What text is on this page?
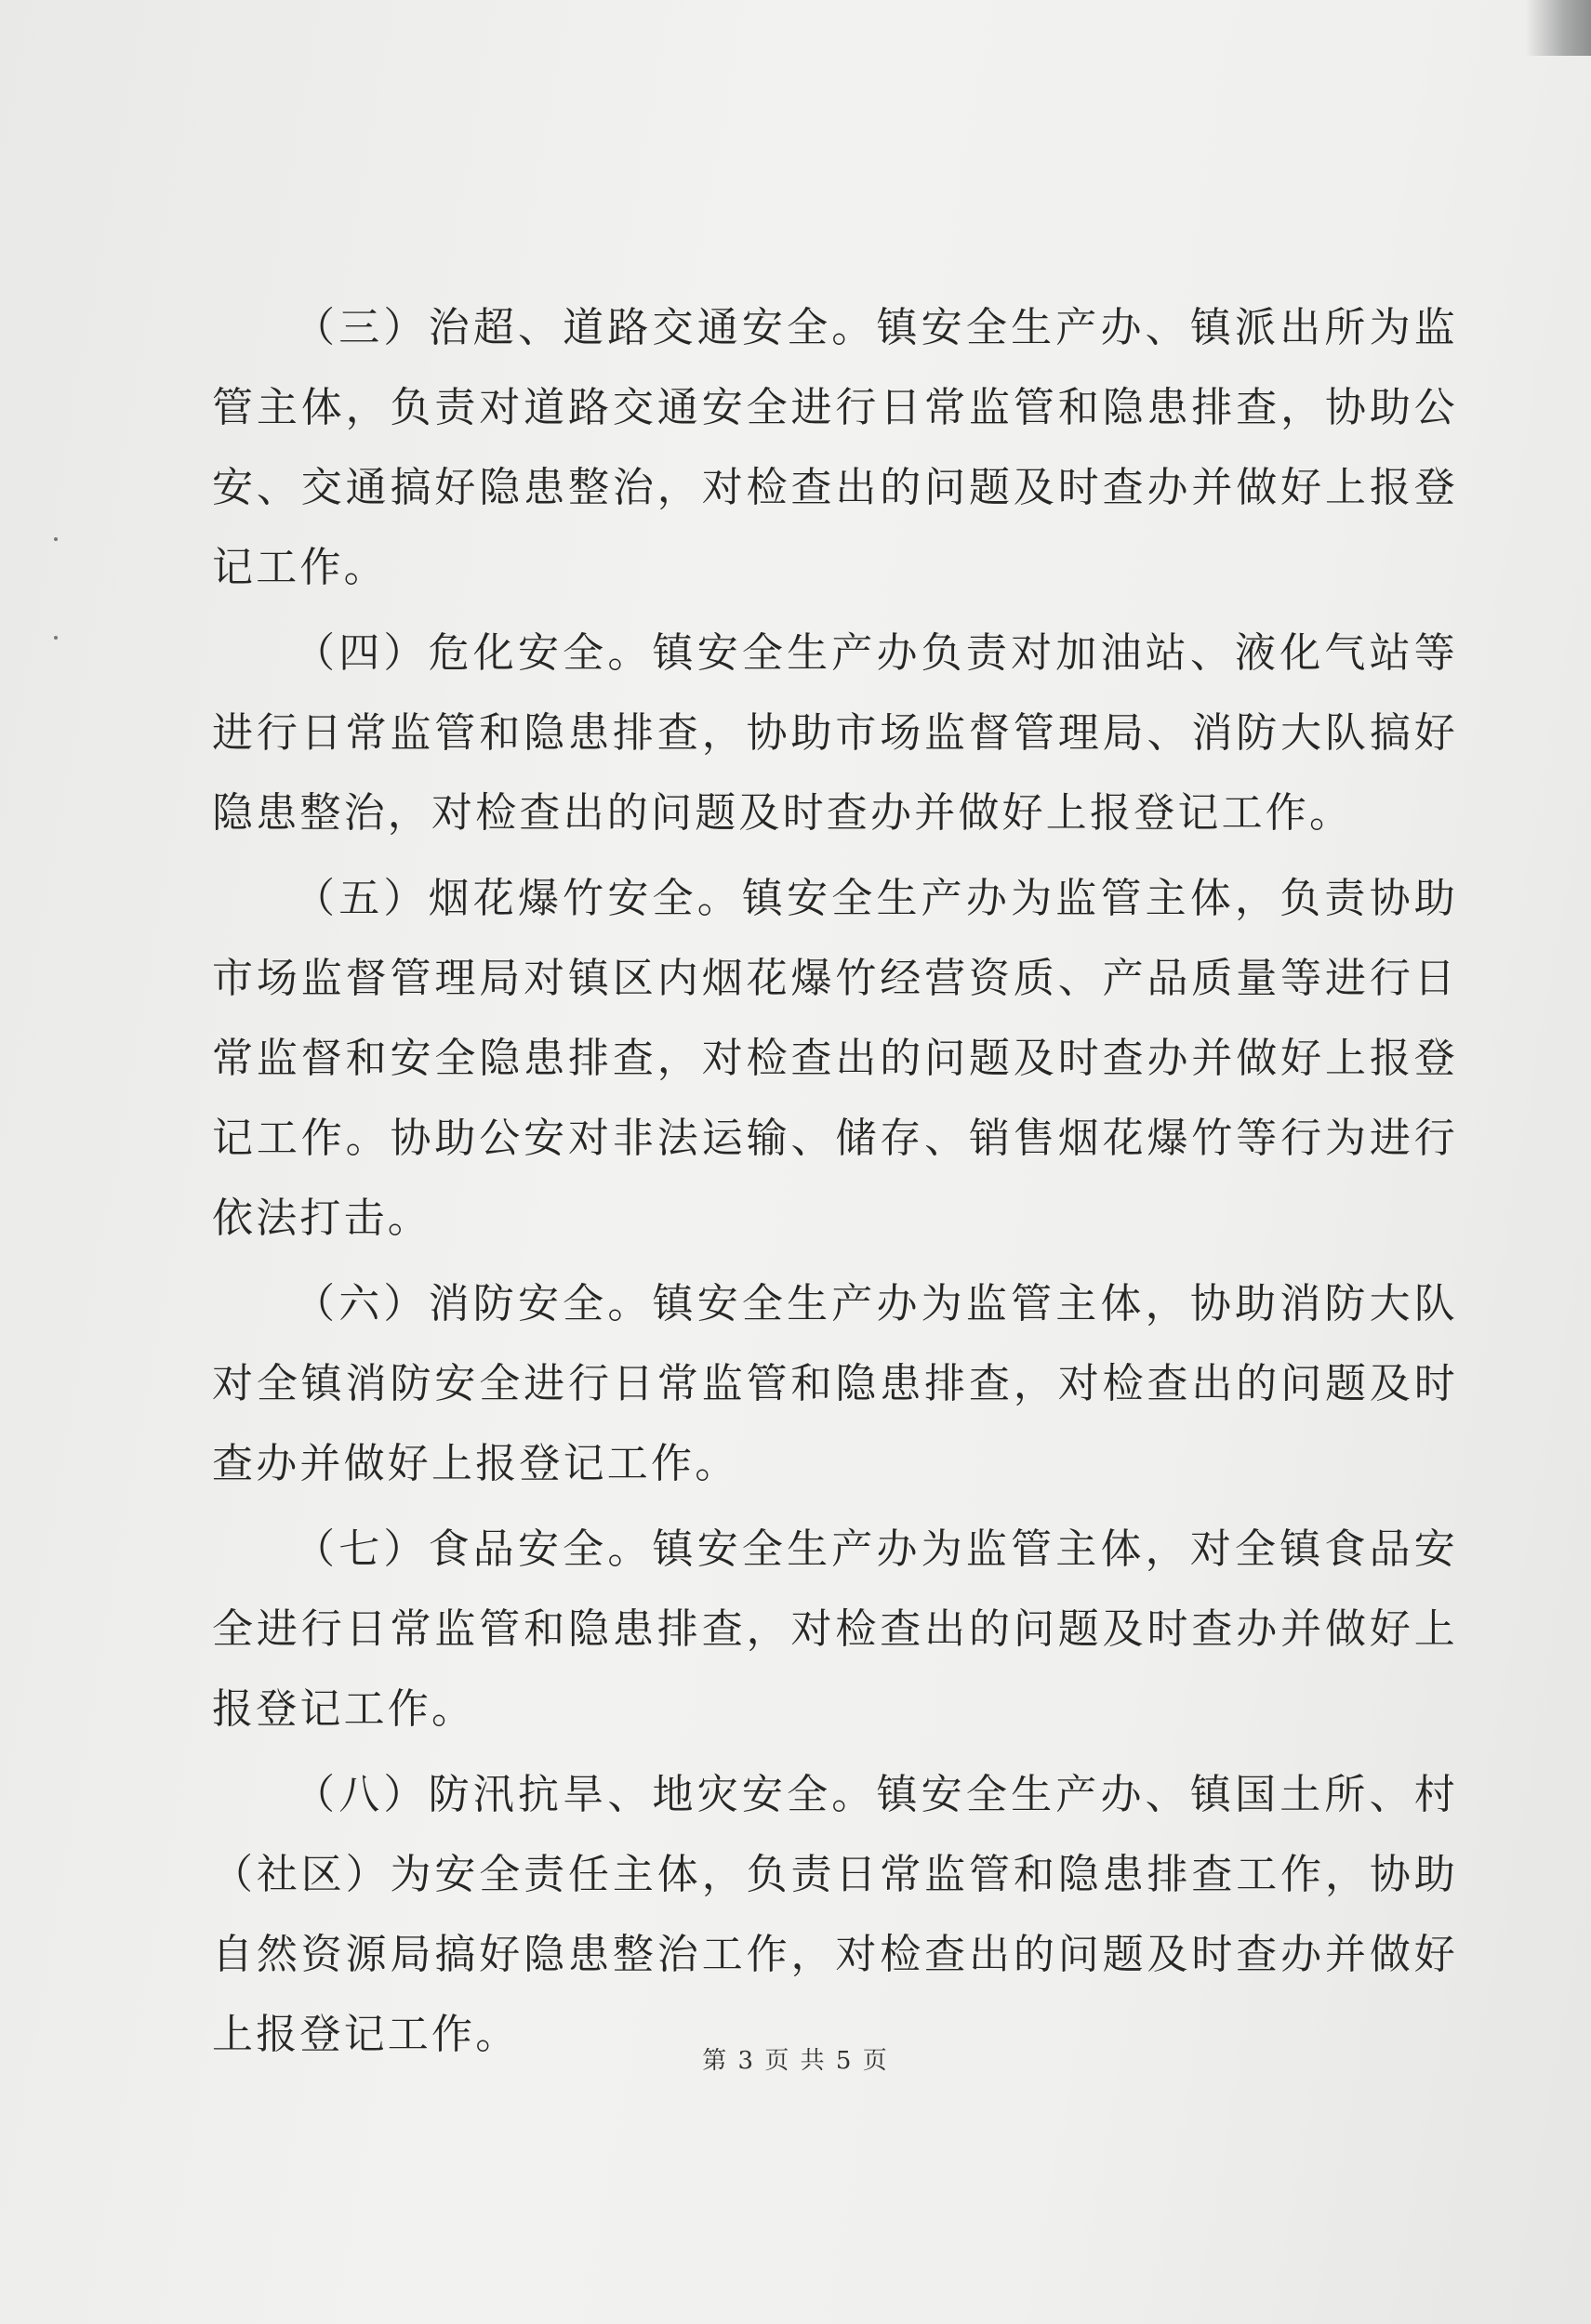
（三）治超、道路交通安全。镇安全生产办、镇派出所为监管主体，负责对道路交通安全进行日常监管和隐患排查，协助公安、交通搞好隐患整治，对检查出的问题及时查办并做好上报登记工作。

（四）危化安全。镇安全生产办负责对加油站、液化气站等进行日常监管和隐患排查，协助市场监督管理局、消防大队搞好隐患整治，对检查出的问题及时查办并做好上报登记工作。

（五）烟花爆竹安全。镇安全生产办为监管主体，负责协助市场监督管理局对镇区内烟花爆竹经营资质、产品质量等进行日常监督和安全隐患排查，对检查出的问题及时查办并做好上报登记工作。协助公安对非法运输、储存、销售烟花爆竹等行为进行依法打击。

（六）消防安全。镇安全生产办为监管主体，协助消防大队对全镇消防安全进行日常监管和隐患排查，对检查出的问题及时查办并做好上报登记工作。

（七）食品安全。镇安全生产办为监管主体，对全镇食品安全进行日常监管和隐患排查，对检查出的问题及时查办并做好上报登记工作。

（八）防汛抗旱、地灾安全。镇安全生产办、镇国土所、村（社区）为安全责任主体，负责日常监管和隐患排查工作，协助自然资源局搞好隐患整治工作，对检查出的问题及时查办并做好上报登记工作。

第 3 页 共 5 页
